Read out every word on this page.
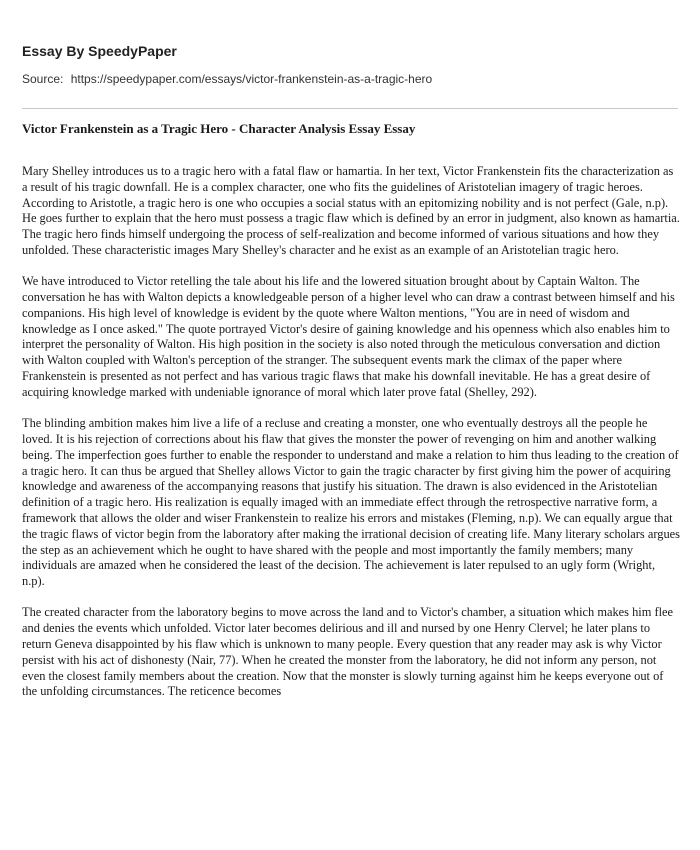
Essay By SpeedyPaper
Source: https://speedypaper.com/essays/victor-frankenstein-as-a-tragic-hero
Victor Frankenstein as a Tragic Hero - Character Analysis Essay Essay

Mary Shelley introduces us to a tragic hero with a fatal flaw or hamartia. In her text, Victor Frankenstein fits the characterization as a result of his tragic downfall. He is a complex character, one who fits the guidelines of Aristotelian imagery of tragic heroes. According to Aristotle, a tragic hero is one who occupies a social status with an epitomizing nobility and is not perfect (Gale, n.p). He goes further to explain that the hero must possess a tragic flaw which is defined by an error in judgment, also known as hamartia. The tragic hero finds himself undergoing the process of self-realization and become informed of various situations and how they unfolded. These characteristic images Mary Shelley's character and he exist as an example of an Aristotelian tragic hero.

We have introduced to Victor retelling the tale about his life and the lowered situation brought about by Captain Walton. The conversation he has with Walton depicts a knowledgeable person of a higher level who can draw a contrast between himself and his companions. His high level of knowledge is evident by the quote where Walton mentions, "You are in need of wisdom and knowledge as I once asked." The quote portrayed Victor's desire of gaining knowledge and his openness which also enables him to interpret the personality of Walton. His high position in the society is also noted through the meticulous conversation and diction with Walton coupled with Walton's perception of the stranger. The subsequent events mark the climax of the paper where Frankenstein is presented as not perfect and has various tragic flaws that make his downfall inevitable. He has a great desire of acquiring knowledge marked with undeniable ignorance of moral which later prove fatal (Shelley, 292).

The blinding ambition makes him live a life of a recluse and creating a monster, one who eventually destroys all the people he loved. It is his rejection of corrections about his flaw that gives the monster the power of revenging on him and another walking being. The imperfection goes further to enable the responder to understand and make a relation to him thus leading to the creation of a tragic hero. It can thus be argued that Shelley allows Victor to gain the tragic character by first giving him the power of acquiring knowledge and awareness of the accompanying reasons that justify his situation. The drawn is also evidenced in the Aristotelian definition of a tragic hero. His realization is equally imaged with an immediate effect through the retrospective narrative form, a framework that allows the older and wiser Frankenstein to realize his errors and mistakes (Fleming, n.p). We can equally argue that the tragic flaws of victor begin from the laboratory after making the irrational decision of creating life. Many literary scholars argues the step as an achievement which he ought to have shared with the people and most importantly the family members; many individuals are amazed when he considered the least of the decision. The achievement is later repulsed to an ugly form (Wright, n.p).

The created character from the laboratory begins to move across the land and to Victor's chamber, a situation which makes him flee and denies the events which unfolded. Victor later becomes delirious and ill and nursed by one Henry Clervel; he later plans to return Geneva disappointed by his flaw which is unknown to many people. Every question that any reader may ask is why Victor persist with his act of dishonesty (Nair, 77). When he created the monster from the laboratory, he did not inform any person, not even the closest family members about the creation. Now that the monster is slowly turning against him he keeps everyone out of the unfolding circumstances. The reticence becomes
